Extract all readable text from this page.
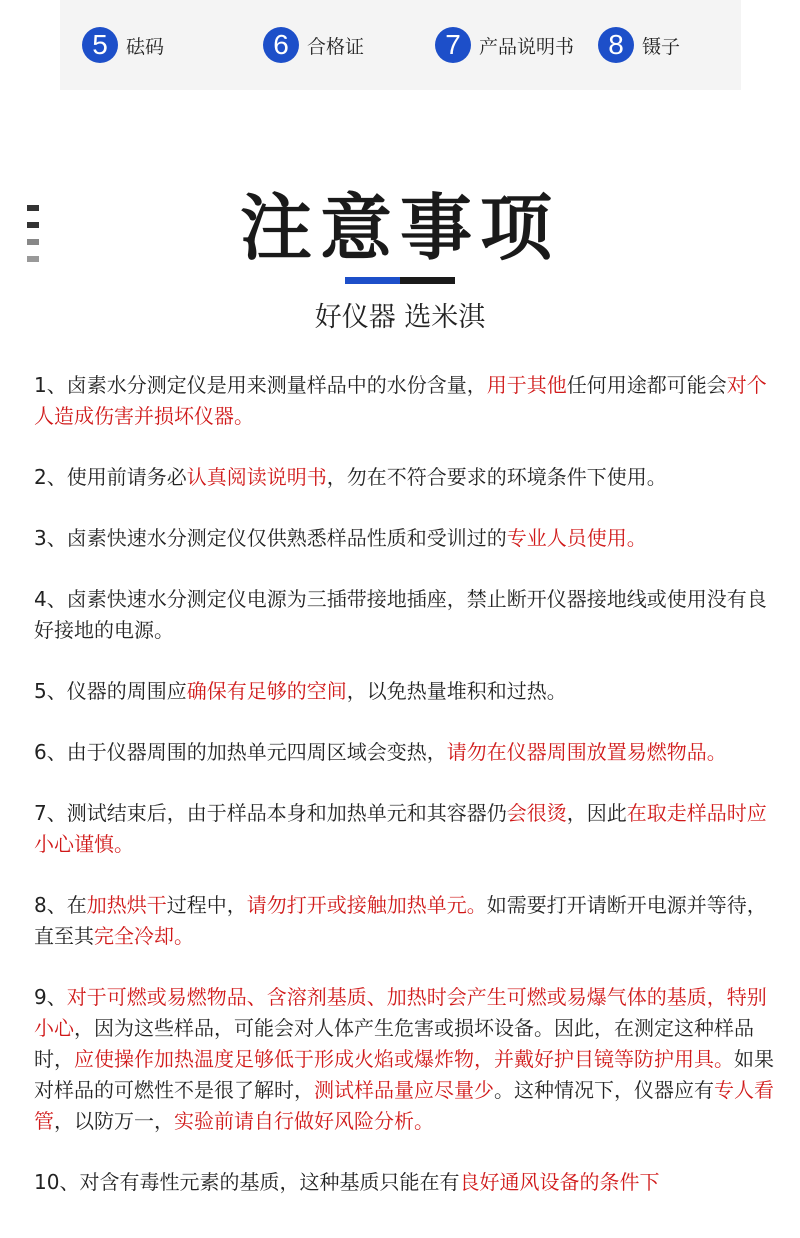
5 砝码	6 合格证	7 产品说明书	8 镊子
注意事项
好仪器 选米淇

1、卤素水分测定仪是用来测量样品中的水份含量，用于其他任何用途都可能会对个人造成伤害并损坏仪器。

2、使用前请务必认真阅读说明书，勿在不符合要求的环境条件下使用。

3、卤素快速水分测定仪仅供熟悉样品性质和受训过的专业人员使用。

4、卤素快速水分测定仪电源为三插带接地插座，禁止断开仪器接地线或使用没有良好接地的电源。

5、仪器的周围应确保有足够的空间，以免热量堆积和过热。

6、由于仪器周围的加热单元四周区域会变热，请勿在仪器周围放置易燃物品。

7、测试结束后，由于样品本身和加热单元和其容器仍会很烫，因此在取走样品时应小心谨慎。

8、在加热烘干过程中，请勿打开或接触加热单元。如需要打开请断开电源并等待，直至其完全冷却。

9、对于可燃或易燃物品、含溶剂基质、加热时会产生可燃或易爆气体的基质，特别小心，因为这些样品，可能会对人体产生危害或损坏设备。因此，在测定这种样品时，应使操作加热温度足够低于形成火焰或爆炸物，并戴好护目镜等防护用具。如果对样品的可燃性不是很了解时，测试样品量应尽量少。这种情况下，仪器应有专人看管，以防万一，实验前请自行做好风险分析。

10、对含有毒性元素的基质，这种基质只能在有良好通风设备的条件下
